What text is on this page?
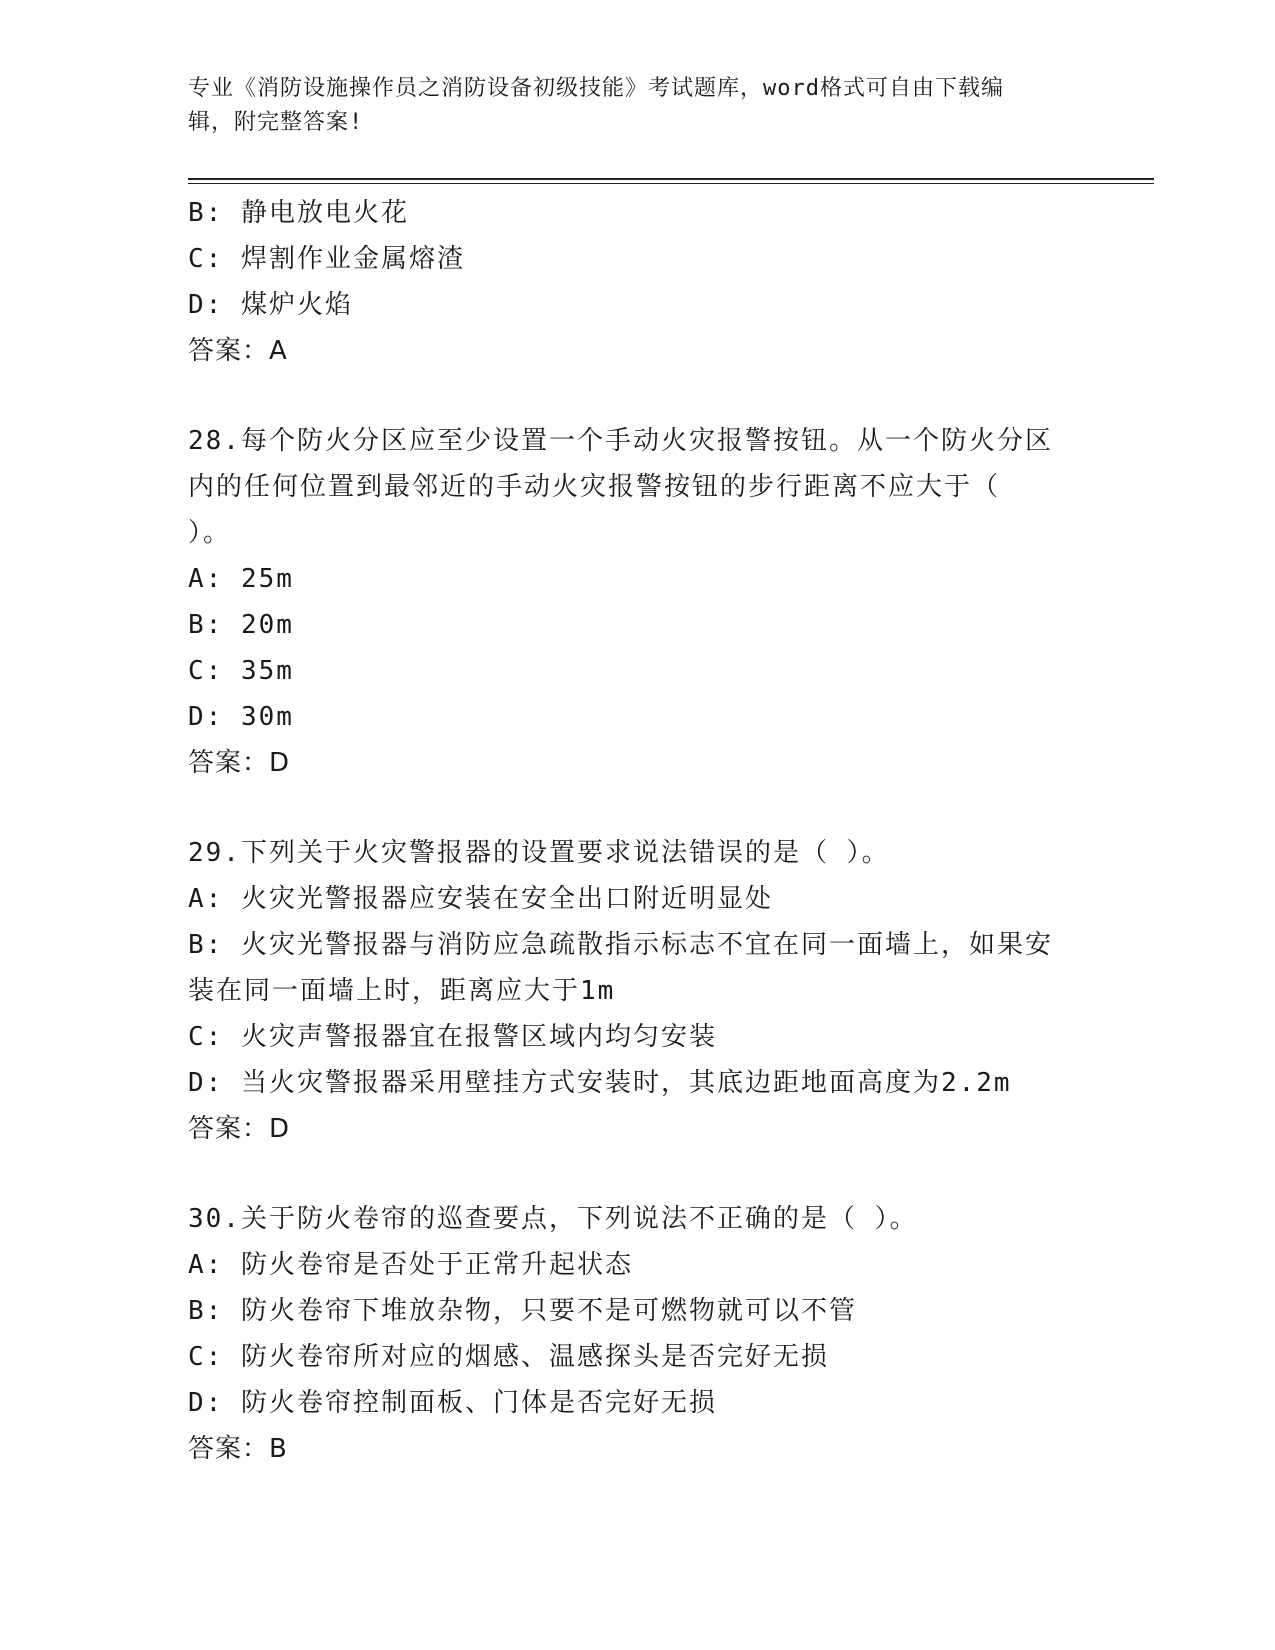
专业《消防设施操作员之消防设备初级技能》考试题库，word格式可自由下载编
辑，附完整答案!
B: 静电放电火花
C: 焊割作业金属熔渣
D: 煤炉火焰
答案：A
28.每个防火分区应至少设置一个手动火灾报警按钮。从一个防火分区
内的任何位置到最邻近的手动火灾报警按钮的步行距离不应大于（
）。
A: 25m
B: 20m
C: 35m
D: 30m
答案：D
29.下列关于火灾警报器的设置要求说法错误的是（ ）。
A: 火灾光警报器应安装在安全出口附近明显处
B: 火灾光警报器与消防应急疏散指示标志不宜在同一面墙上，如果安
装在同一面墙上时，距离应大于1m
C: 火灾声警报器宜在报警区域内均匀安装
D: 当火灾警报器采用壁挂方式安装时，其底边距地面高度为2.2m
答案：D
30.关于防火卷帘的巡查要点，下列说法不正确的是（ ）。
A: 防火卷帘是否处于正常升起状态
B: 防火卷帘下堆放杂物，只要不是可燃物就可以不管
C: 防火卷帘所对应的烟感、温感探头是否完好无损
D: 防火卷帘控制面板、门体是否完好无损
答案：B
